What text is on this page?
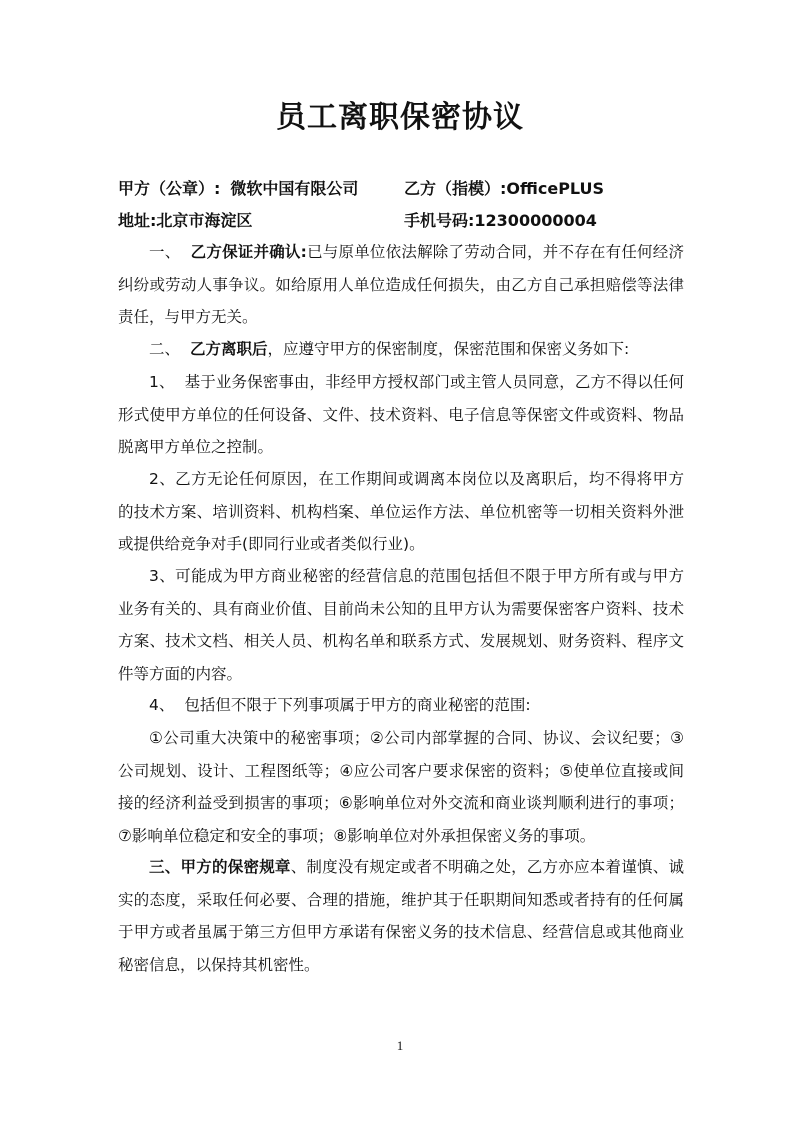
员工离职保密协议
甲方（公章）: 微软中国有限公司	乙方（指模）:OfficePLUS
地址:北京市海淀区	手机号码:12300000004

一、 乙方保证并确认:已与原单位依法解除了劳动合同，并不存在有任何经济纠纷或劳动人事争议。如给原用人单位造成任何损失，由乙方自己承担赔偿等法律责任，与甲方无关。

二、 乙方离职后，应遵守甲方的保密制度，保密范围和保密义务如下:

1、 基于业务保密事由，非经甲方授权部门或主管人员同意，乙方不得以任何形式使甲方单位的任何设备、文件、技术资料、电子信息等保密文件或资料、物品脱离甲方单位之控制。

2、乙方无论任何原因，在工作期间或调离本岗位以及离职后，均不得将甲方的技术方案、培训资料、机构档案、单位运作方法、单位机密等一切相关资料外泄或提供给竞争对手(即同行业或者类似行业)。

3、可能成为甲方商业秘密的经营信息的范围包括但不限于甲方所有或与甲方业务有关的、具有商业价值、目前尚未公知的且甲方认为需要保密客户资料、技术方案、技术文档、相关人员、机构名单和联系方式、发展规划、财务资料、程序文件等方面的内容。

4、 包括但不限于下列事项属于甲方的商业秘密的范围:

①公司重大决策中的秘密事项；②公司内部掌握的合同、协议、会议纪要；③公司规划、设计、工程图纸等；④应公司客户要求保密的资料；⑤使单位直接或间接的经济利益受到损害的事项；⑥影响单位对外交流和商业谈判顺利进行的事项；⑦影响单位稳定和安全的事项；⑧影响单位对外承担保密义务的事项。

三、甲方的保密规章、制度没有规定或者不明确之处，乙方亦应本着谨慎、诚实的态度，采取任何必要、合理的措施，维护其于任职期间知悉或者持有的任何属于甲方或者虽属于第三方但甲方承诺有保密义务的技术信息、经营信息或其他商业秘密信息，以保持其机密性。

1
